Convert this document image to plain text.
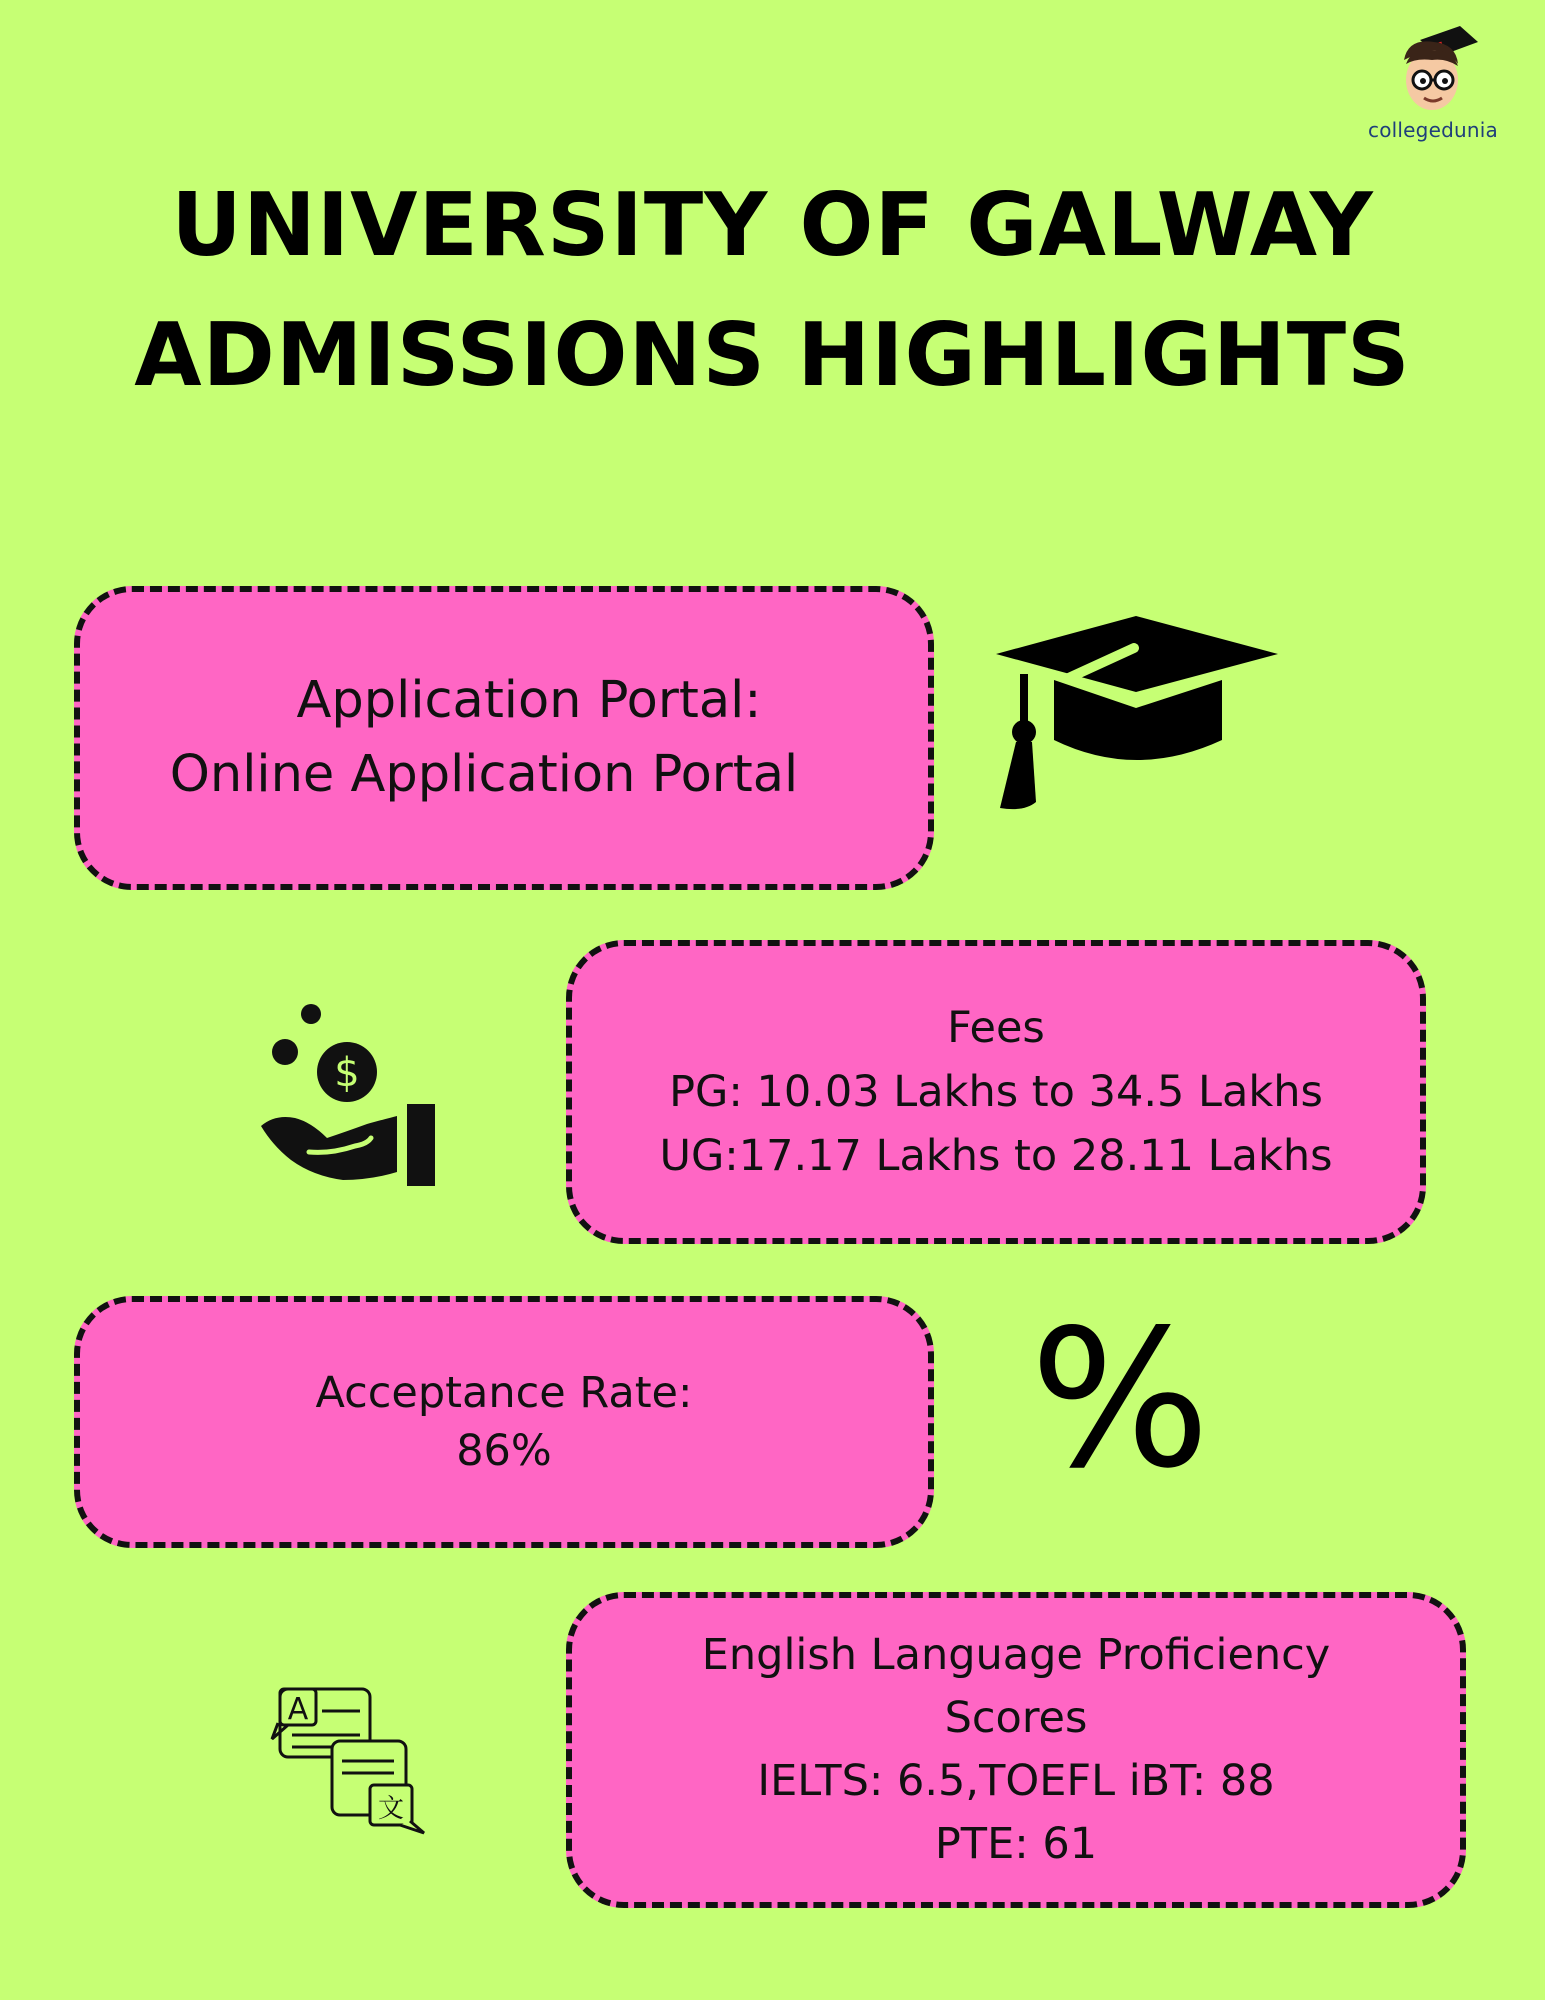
collegedunia
UNIVERSITY OF GALWAY
ADMISSIONS HIGHLIGHTS
Application Portal:
Online Application Portal
$
Fees
PG: 10.03 Lakhs to 34.5 Lakhs
UG:17.17 Lakhs to 28.11 Lakhs
Acceptance Rate:
86%	%
A
文
English Language Proficiency
Scores
IELTS: 6.5,TOEFL iBT: 88
PTE: 61
